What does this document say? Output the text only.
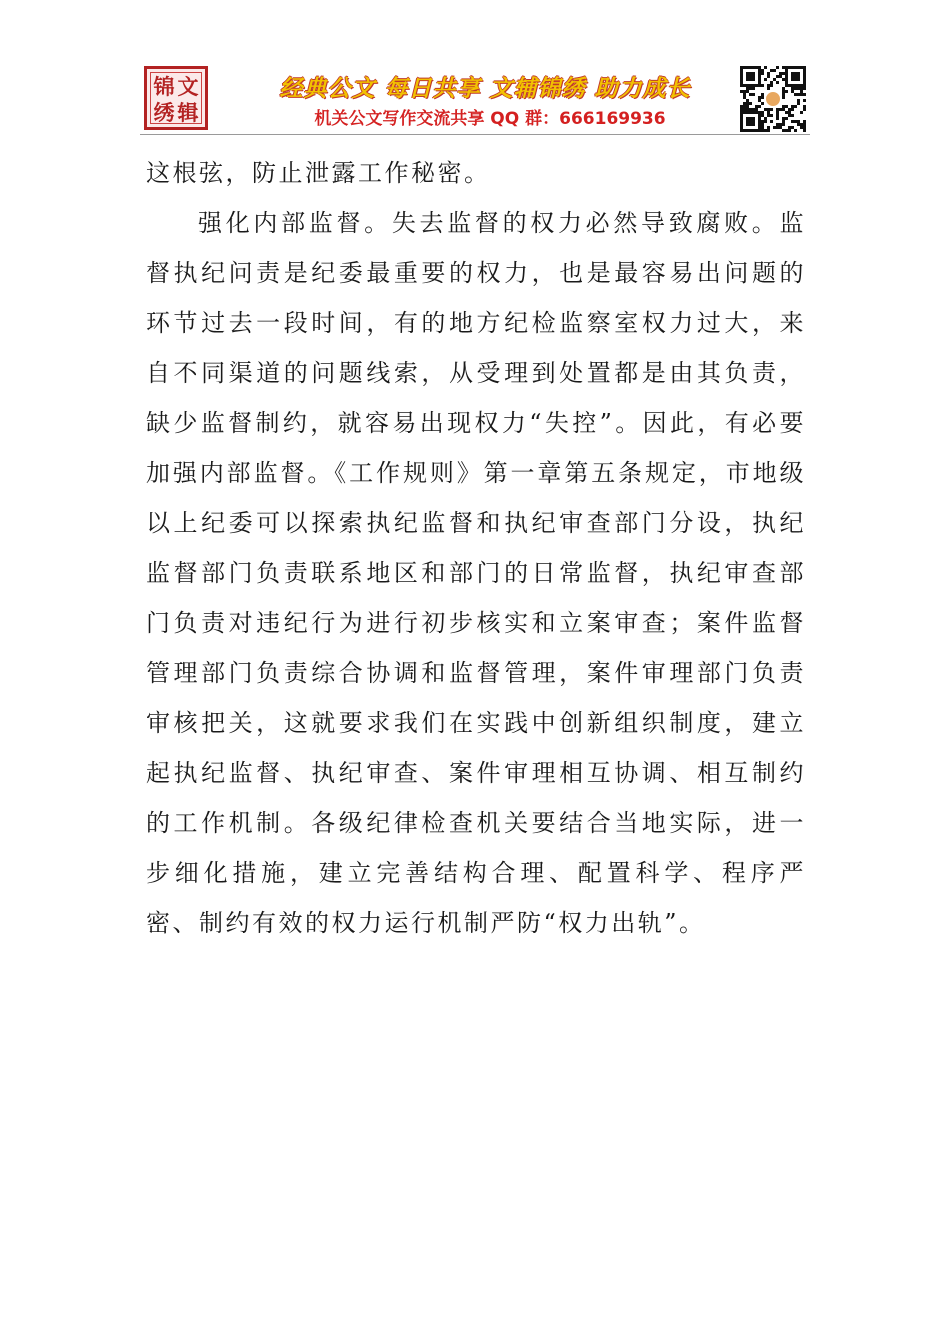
锦 文
绣 辑
经典公文 每日共享 文辅锦绣 助力成长
机关公文写作交流共享 QQ 群：666169936

这根弦，防止泄露工作秘密。

强化内部监督。失去监督的权力必然导致腐败。监督执纪问责是纪委最重要的权力，也是最容易出问题的环节过去一段时间，有的地方纪检监察室权力过大，来自不同渠道的问题线索，从受理到处置都是由其负责，缺少监督制约，就容易出现权力“失控”。因此，有必要加强内部监督。《工作规则》第一章第五条规定，市地级以上纪委可以探索执纪监督和执纪审查部门分设，执纪监督部门负责联系地区和部门的日常监督，执纪审查部门负责对违纪行为进行初步核实和立案审查；案件监督管理部门负责综合协调和监督管理，案件审理部门负责审核把关，这就要求我们在实践中创新组织制度，建立起执纪监督、执纪审查、案件审理相互协调、相互制约的工作机制。各级纪律检查机关要结合当地实际，进一步细化措施，建立完善结构合理、配置科学、程序严密、制约有效的权力运行机制严防“权力出轨”。
